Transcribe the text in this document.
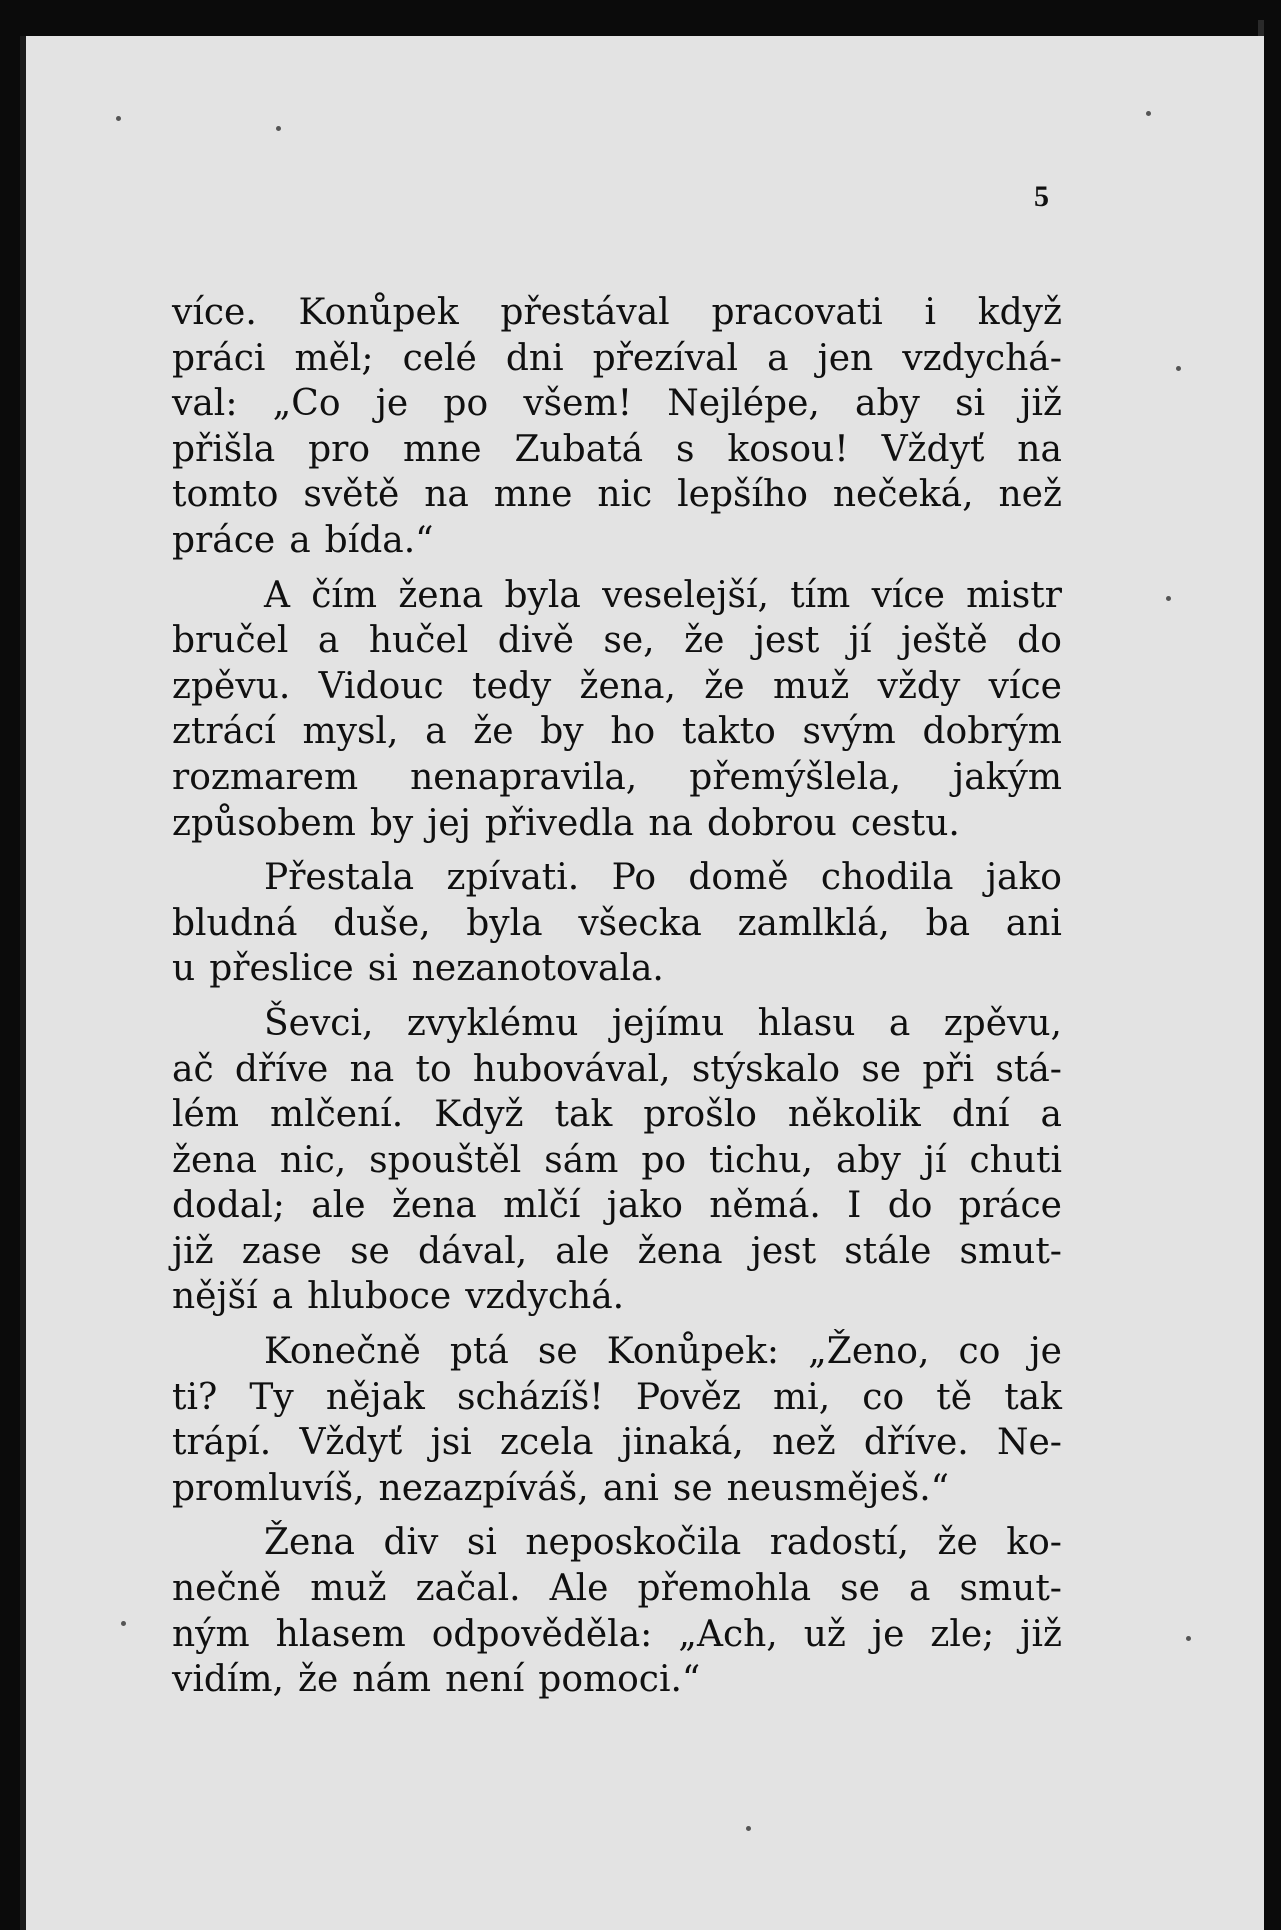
5
více. Konůpek přestával pracovati i když
práci měl; celé dni přezíval a jen vzdychá-
val: „Co je po všem! Nejlépe, aby si již
přišla pro mne Zubatá s kosou! Vždyť na
tomto světě na mne nic lepšího nečeká, než
práce a bída.“
A čím žena byla veselejší, tím více mistr
bručel a hučel divě se, že jest jí ještě do
zpěvu. Vidouc tedy žena, že muž vždy více
ztrácí mysl, a že by ho takto svým dobrým
rozmarem nenapravila, přemýšlela, jakým
způsobem by jej přivedla na dobrou cestu.
Přestala zpívati. Po domě chodila jako
bludná duše, byla všecka zamlklá, ba ani
u přeslice si nezanotovala.
Ševci, zvyklému jejímu hlasu a zpěvu,
ač dříve na to hubovával, stýskalo se při stá-
lém mlčení. Když tak prošlo několik dní a
žena nic, spouštěl sám po tichu, aby jí chuti
dodal; ale žena mlčí jako němá. I do práce
již zase se dával, ale žena jest stále smut-
nější a hluboce vzdychá.
Konečně ptá se Konůpek: „Ženo, co je
ti? Ty nějak scházíš! Pověz mi, co tě tak
trápí. Vždyť jsi zcela jinaká, než dříve. Ne-
promluvíš, nezazpíváš, ani se neusměješ.“
Žena div si neposkočila radostí, že ko-
nečně muž začal. Ale přemohla se a smut-
ným hlasem odpověděla: „Ach, už je zle; již
vidím, že nám není pomoci.“
